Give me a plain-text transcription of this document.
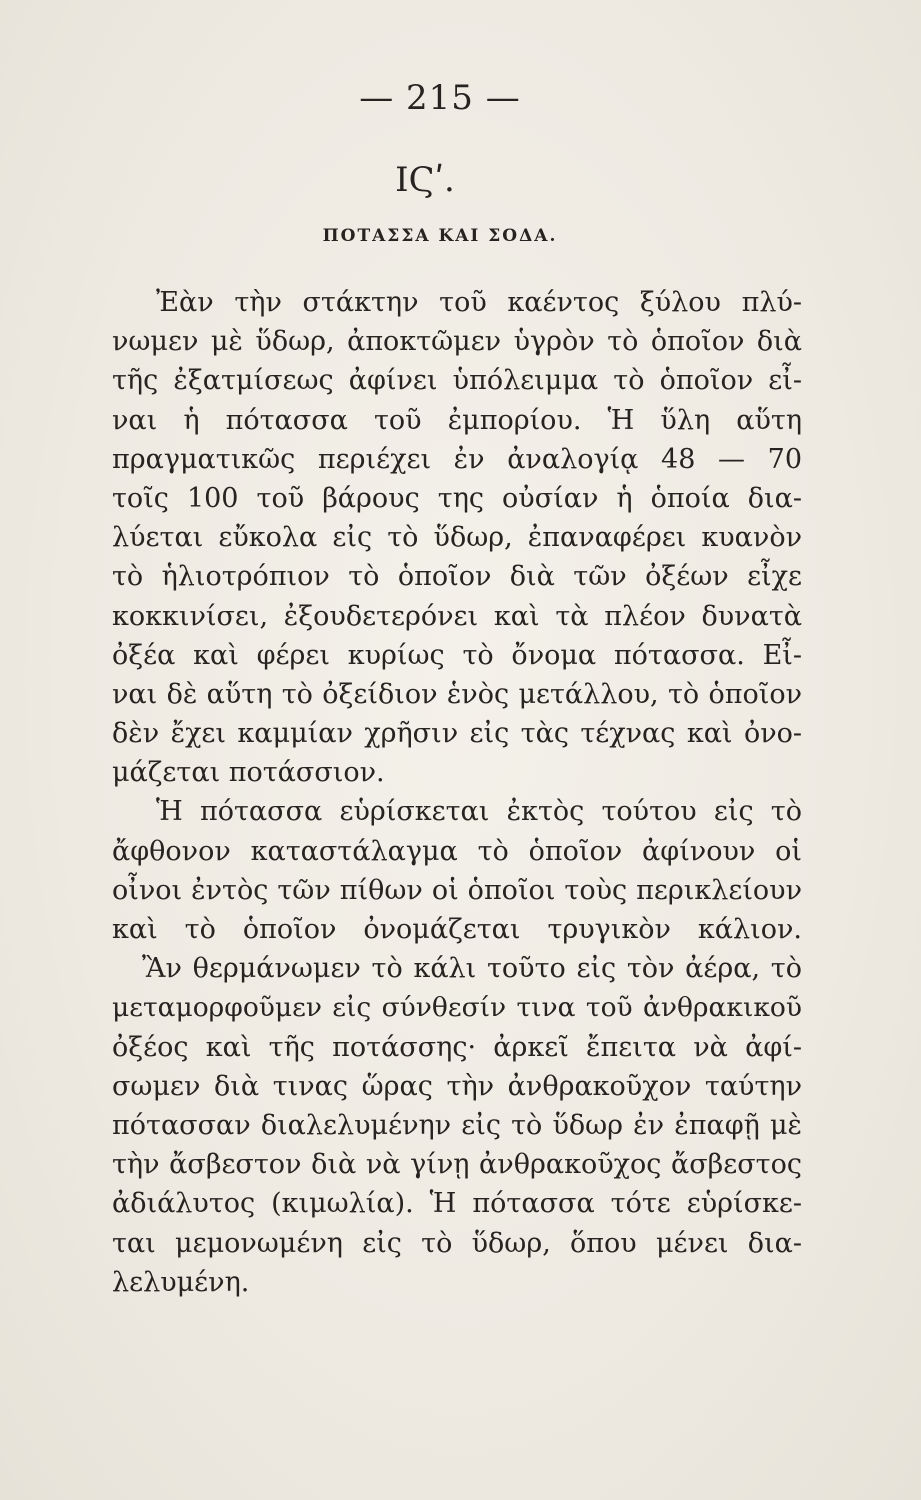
— 215 —
ΙϚʹ.
ΠΟΤΑΣΣΑ ΚΑΙ ΣΟΔΑ.
Ἐὰν τὴν στάκτην τοῦ καέντος ξύλου πλύ-
νωμεν μὲ ὕδωρ, ἀποκτῶμεν ὑγρὸν τὸ ὁποῖον διὰ
τῆς ἐξατμίσεως ἀφίνει ὑπόλειμμα τὸ ὁποῖον εἶ-
ναι ἡ πότασσα τοῦ ἐμπορίου. Ἡ ὕλη αὕτη
πραγματικῶς περιέχει ἐν ἀναλογίᾳ 48 — 70
τοῖς 100 τοῦ βάρους της οὐσίαν ἡ ὁποία δια-
λύεται εὔκολα εἰς τὸ ὕδωρ, ἐπαναφέρει κυανὸν
τὸ ἡλιοτρόπιον τὸ ὁποῖον διὰ τῶν ὀξέων εἶχε
κοκκινίσει, ἐξουδετερόνει καὶ τὰ πλέον δυνατὰ
ὀξέα καὶ φέρει κυρίως τὸ ὄνομα πότασσα. Εἶ-
ναι δὲ αὕτη τὸ ὀξείδιον ἑνὸς μετάλλου, τὸ ὁποῖον
δὲν ἔχει καμμίαν χρῆσιν εἰς τὰς τέχνας καὶ ὀνο-
μάζεται ποτάσσιον.
Ἡ πότασσα εὑρίσκεται ἐκτὸς τούτου εἰς τὸ
ἄφθονον καταστάλαγμα τὸ ὁποῖον ἀφίνουν οἱ
οἶνοι ἐντὸς τῶν πίθων οἱ ὁποῖοι τοὺς περικλείουν
καὶ τὸ ὁποῖον ὀνομάζεται τρυγικὸν κάλιον.
Ἂν θερμάνωμεν τὸ κάλι τοῦτο εἰς τὸν ἀέρα, τὸ
μεταμορφοῦμεν εἰς σύνθεσίν τινα τοῦ ἀνθρακικοῦ
ὀξέος καὶ τῆς ποτάσσης· ἀρκεῖ ἔπειτα νὰ ἀφί-
σωμεν διὰ τινας ὥρας τὴν ἀνθρακοῦχον ταύτην
πότασσαν διαλελυμένην εἰς τὸ ὕδωρ ἐν ἐπαφῇ μὲ
τὴν ἄσβεστον διὰ νὰ γίνῃ ἀνθρακοῦχος ἄσβεστος
ἀδιάλυτος (κιμωλία). Ἡ πότασσα τότε εὑρίσκε-
ται μεμονωμένη εἰς τὸ ὕδωρ, ὅπου μένει δια-
λελυμένη.
